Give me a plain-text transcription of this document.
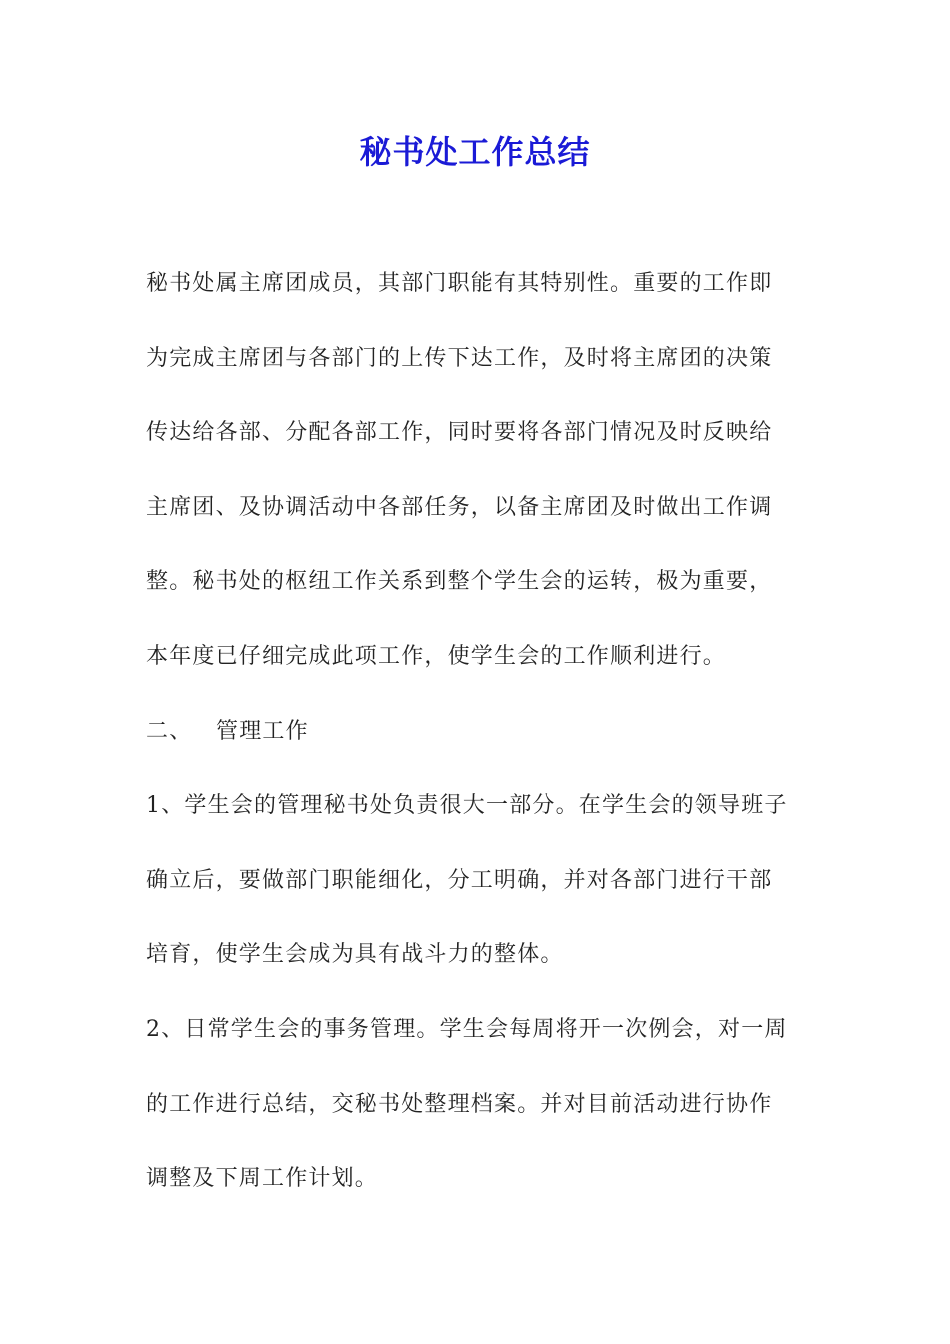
秘书处工作总结
秘书处属主席团成员，其部门职能有其特别性。重要的工作即
为完成主席团与各部门的上传下达工作，及时将主席团的决策
传达给各部、分配各部工作，同时要将各部门情况及时反映给
主席团、及协调活动中各部任务，以备主席团及时做出工作调
整。秘书处的枢纽工作关系到整个学生会的运转，极为重要，
本年度已仔细完成此项工作，使学生会的工作顺利进行。
二、 管理工作
1、学生会的管理秘书处负责很大一部分。在学生会的领导班子
确立后，要做部门职能细化，分工明确，并对各部门进行干部
培育，使学生会成为具有战斗力的整体。
2、日常学生会的事务管理。学生会每周将开一次例会，对一周
的工作进行总结，交秘书处整理档案。并对目前活动进行协作
调整及下周工作计划。
